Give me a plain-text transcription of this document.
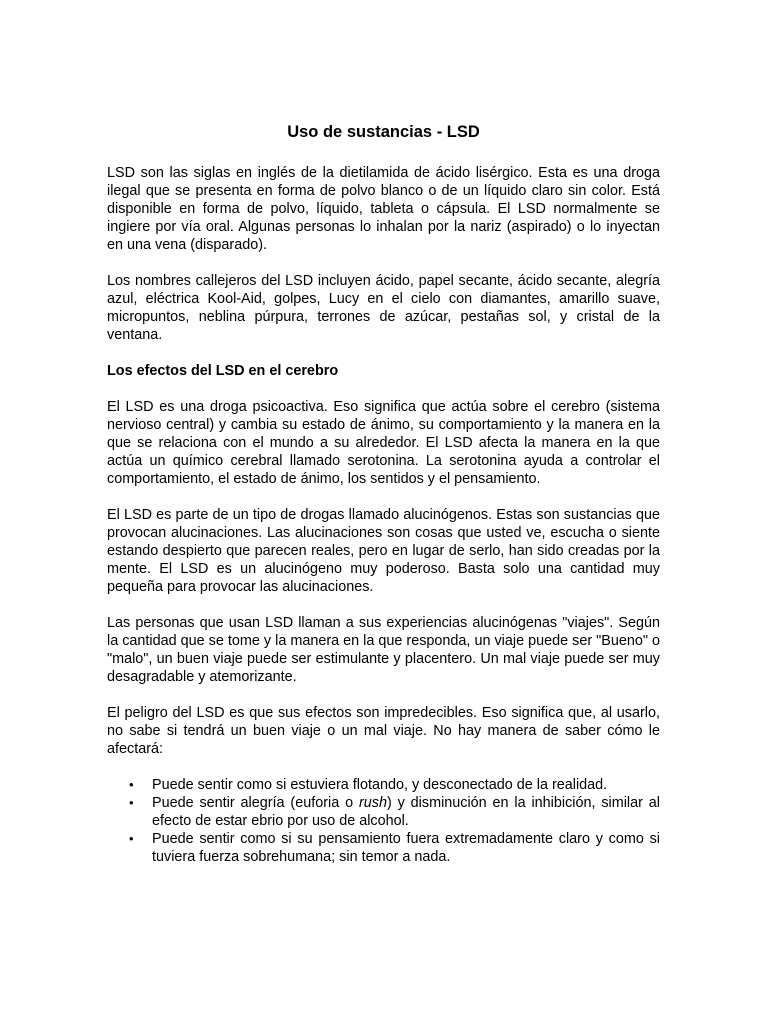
Uso de sustancias - LSD

LSD son las siglas en inglés de la dietilamida de ácido lisérgico. Esta es una droga ilegal que se presenta en forma de polvo blanco o de un líquido claro sin color. Está disponible en forma de polvo, líquido, tableta o cápsula. El LSD normalmente se ingiere por vía oral. Algunas personas lo inhalan por la nariz (aspirado) o lo inyectan en una vena (disparado).

Los nombres callejeros del LSD incluyen ácido, papel secante, ácido secante, alegría azul, eléctrica Kool-Aid, golpes, Lucy en el cielo con diamantes, amarillo suave, micropuntos, neblina púrpura, terrones de azúcar, pestañas sol, y cristal de la ventana.

Los efectos del LSD en el cerebro

El LSD es una droga psicoactiva. Eso significa que actúa sobre el cerebro (sistema nervioso central) y cambia su estado de ánimo, su comportamiento y la manera en la que se relaciona con el mundo a su alrededor. El LSD afecta la manera en la que actúa un químico cerebral llamado serotonina. La serotonina ayuda a controlar el comportamiento, el estado de ánimo, los sentidos y el pensamiento.

El LSD es parte de un tipo de drogas llamado alucinógenos. Estas son sustancias que provocan alucinaciones. Las alucinaciones son cosas que usted ve, escucha o siente estando despierto que parecen reales, pero en lugar de serlo, han sido creadas por la mente. El LSD es un alucinógeno muy poderoso. Basta solo una cantidad muy pequeña para provocar las alucinaciones.

Las personas que usan LSD llaman a sus experiencias alucinógenas "viajes". Según la cantidad que se tome y la manera en la que responda, un viaje puede ser "Bueno" o "malo", un buen viaje puede ser estimulante y placentero. Un mal viaje puede ser muy desagradable y atemorizante.

El peligro del LSD es que sus efectos son impredecibles. Eso significa que, al usarlo, no sabe si tendrá un buen viaje o un mal viaje. No hay manera de saber cómo le afectará:

• Puede sentir como si estuviera flotando, y desconectado de la realidad.
• Puede sentir alegría (euforia o rush) y disminución en la inhibición, similar al efecto de estar ebrio por uso de alcohol.
• Puede sentir como si su pensamiento fuera extremadamente claro y como si tuviera fuerza sobrehumana; sin temor a nada.
